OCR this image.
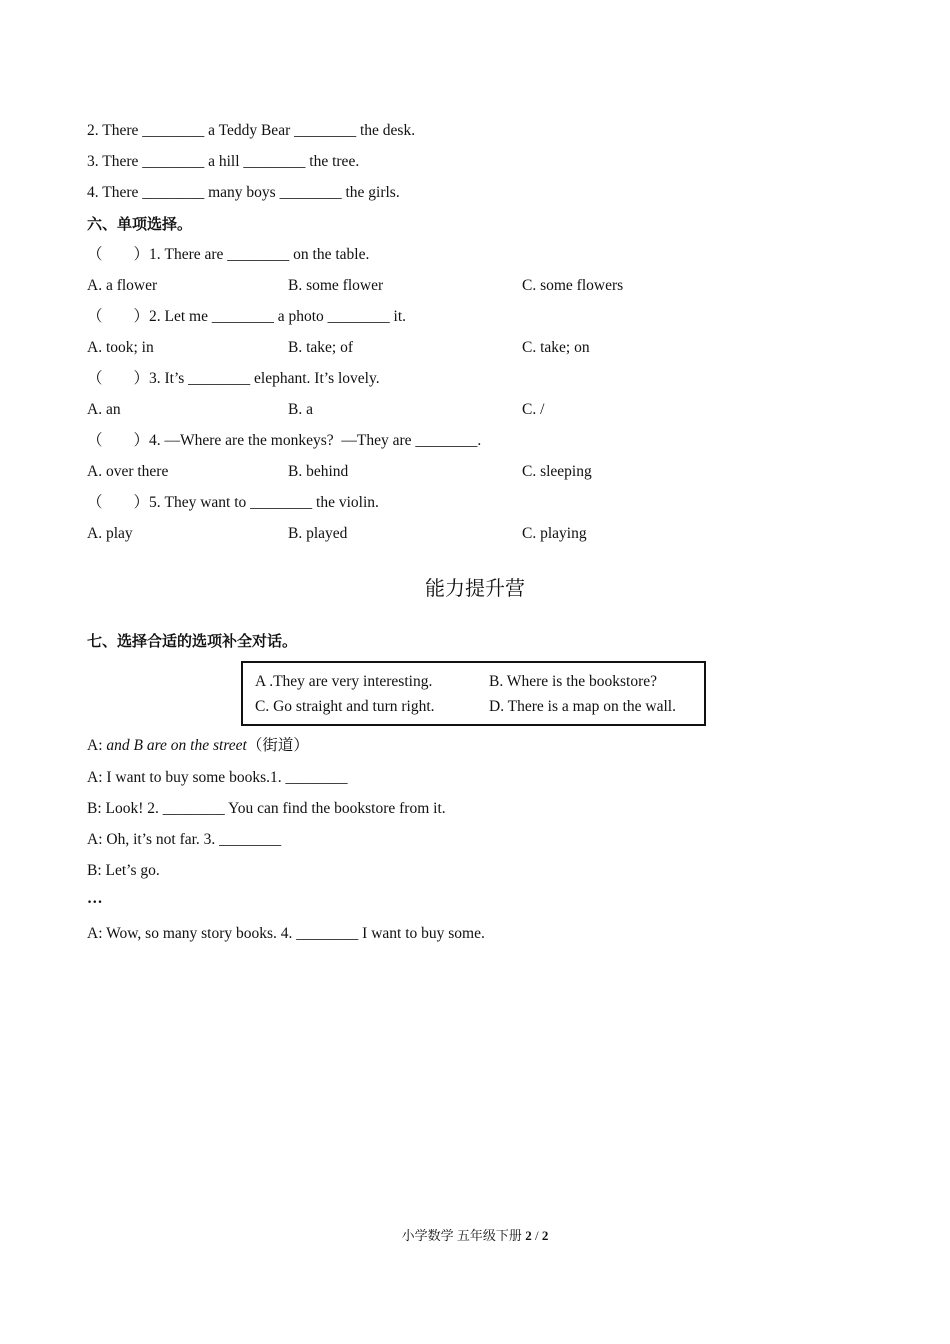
2. There ________ a Teddy Bear ________ the desk.
3. There ________ a hill ________ the tree.
4. There ________ many boys ________ the girls.
六、单项选择。
（　　）1. There are ________ on the table.
A. a flower	B. some flower	C. some flowers
（　　）2. Let me ________ a photo ________ it.
A. took; in	B. take; of	C. take; on
（　　）3. It’s ________ elephant. It’s lovely.
A. an	B. a	C. /
（　　）4. —Where are the monkeys?  —They are ________.
A. over there	B. behind	C. sleeping
（　　）5. They want to ________ the violin.
A. play	B. played	C. playing
能力提升营
七、选择合适的选项补全对话。
A .They are very interesting.	B. Where is the bookstore?
C. Go straight and turn right.	D. There is a map on the wall.
A: and B are on the street（街道）
A: I want to buy some books.1. ________
B: Look! 2. ________ You can find the bookstore from it.
A: Oh, it’s not far. 3. ________
B: Let’s go.
…
A: Wow, so many story books. 4. ________ I want to buy some.
小学数学 五年级下册 2 / 2
